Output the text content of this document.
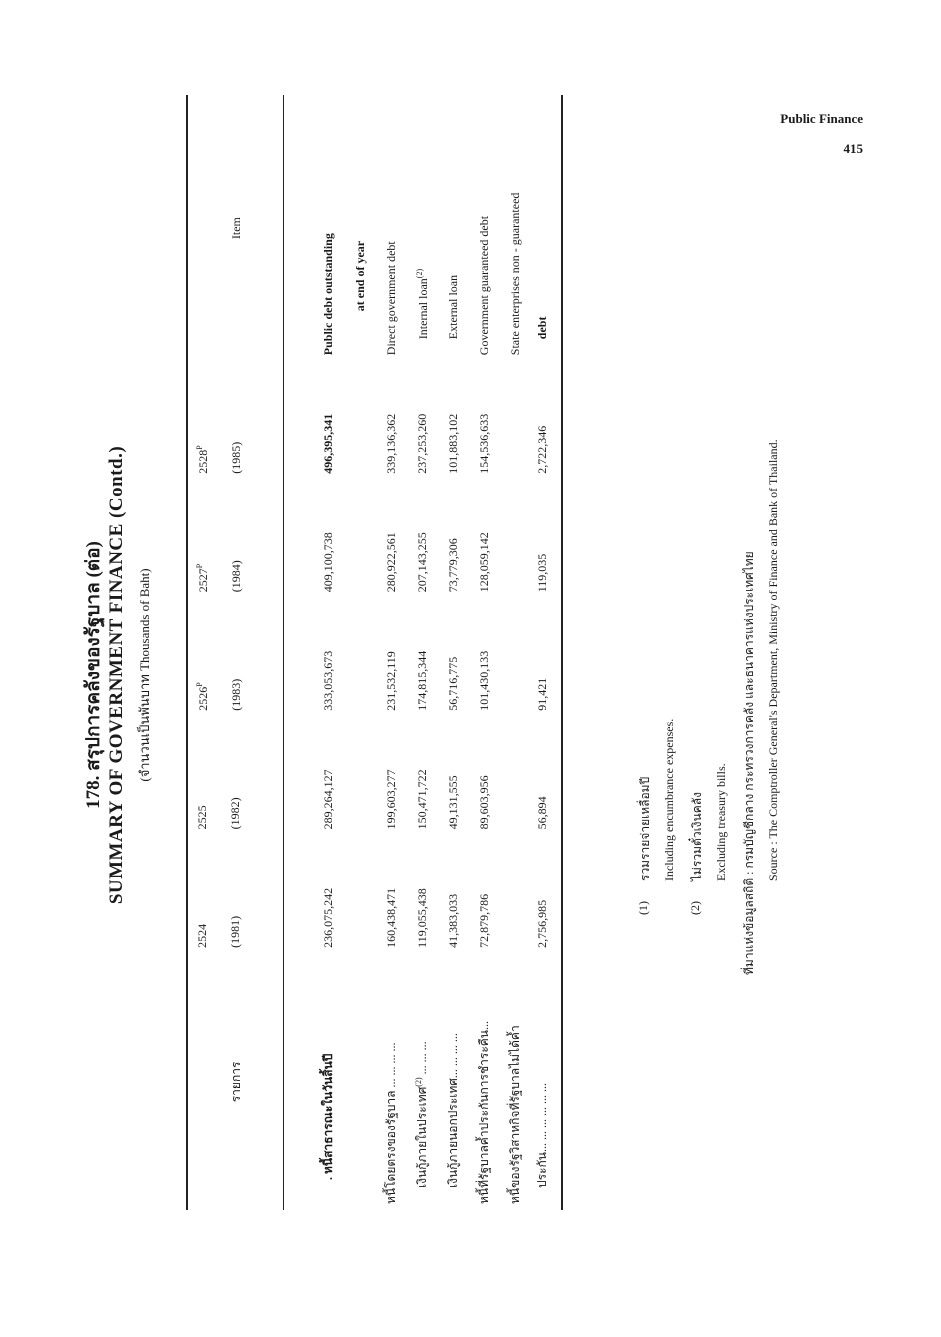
Public Finance
415
178. สรุปการคลังของรัฐบาล (ต่อ) SUMMARY OF GOVERNMENT FINANCE (Contd.) (จำนวนเป็นพันบาท Thousands of Baht)

รายการ	2524 (1981)	2525 (1982)	$2526^P$ (1983)	$2527^P$ (1984)	$2528^P$ (1985)	Item
. หนี้สาธารณะในวันสิ้นปี	236,075,242	289,264,127	333,053,673	409,100,738	496,395,341	Public debt outstanding
						at end of year
หนี้โดยตรงของรัฐบาล ... ... ... ...	160,438,471	199,603,277	231,532,119	280,922,561	339,136,362	Direct government debt
เงินกู้ภายในประเทศ$^{(2)}$ ... ... ...	119,055,438	150,471,722	174,815,344	207,143,255	237,253,260	Internal loan$^{(2)}$
เงินกู้ภายนอกประเทศ... ... ... ...	41,383,033	49,131,555	56,716,775	73,779,306	101,883,102	External loan
หนี้ที่รัฐบาลค้ำประกันการชำระคืน...	72,879,786	89,603,956	101,430,133	128,059,142	154,536,633	Government guaranteed debt
หนี้ของรัฐวิสาหกิจที่รัฐบาลไม่ได้ค้ำ						State enterprises non - guaranteed
ประกัน... ... ... ... ... ...	2,756,985	56,894	91,421	119,035	2,722,346	debt
(1)
รวมรายจ่ายเหลื่อมปี Including encumbrance expenses.
(2)
ไม่รวมตั๋วเงินคลัง Excluding treasury bills.	ที่มาแห่งข้อมูลสถิติ : กรมบัญชีกลาง กระทรวงการคลัง และธนาคารแห่งประเทศไทย Source : The Comptroller General's Department, Ministry of Finance and Bank of Thailand.
